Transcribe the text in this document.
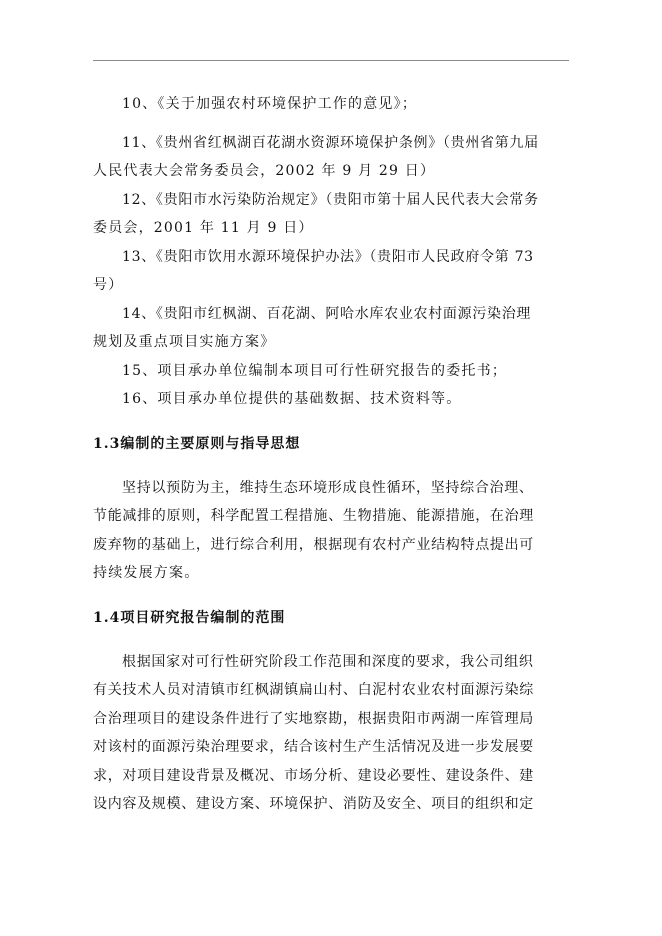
10、《关于加强农村环境保护工作的意见》；
11、《贵州省红枫湖百花湖水资源环境保护条例》（贵州省第九届
人民代表大会常务委员会，2002 年 9 月 29 日）
12、《贵阳市水污染防治规定》（贵阳市第十届人民代表大会常务
委员会，2001 年 11 月 9 日）
13、《贵阳市饮用水源环境保护办法》（贵阳市人民政府令第 73
号）
14、《贵阳市红枫湖、百花湖、阿哈水库农业农村面源污染治理
规划及重点项目实施方案》
15、项目承办单位编制本项目可行性研究报告的委托书；
16、项目承办单位提供的基础数据、技术资料等。
1.3编制的主要原则与指导思想
坚持以预防为主，维持生态环境形成良性循环，坚持综合治理、
节能减排的原则，科学配置工程措施、生物措施、能源措施，在治理
废弃物的基础上，进行综合利用，根据现有农村产业结构特点提出可
持续发展方案。
1.4项目研究报告编制的范围
根据国家对可行性研究阶段工作范围和深度的要求，我公司组织
有关技术人员对清镇市红枫湖镇扁山村、白泥村农业农村面源污染综
合治理项目的建设条件进行了实地察勘，根据贵阳市两湖一库管理局
对该村的面源污染治理要求，结合该村生产生活情况及进一步发展要
求，对项目建设背景及概况、市场分析、建设必要性、建设条件、建
设内容及规模、建设方案、环境保护、消防及安全、项目的组织和定
